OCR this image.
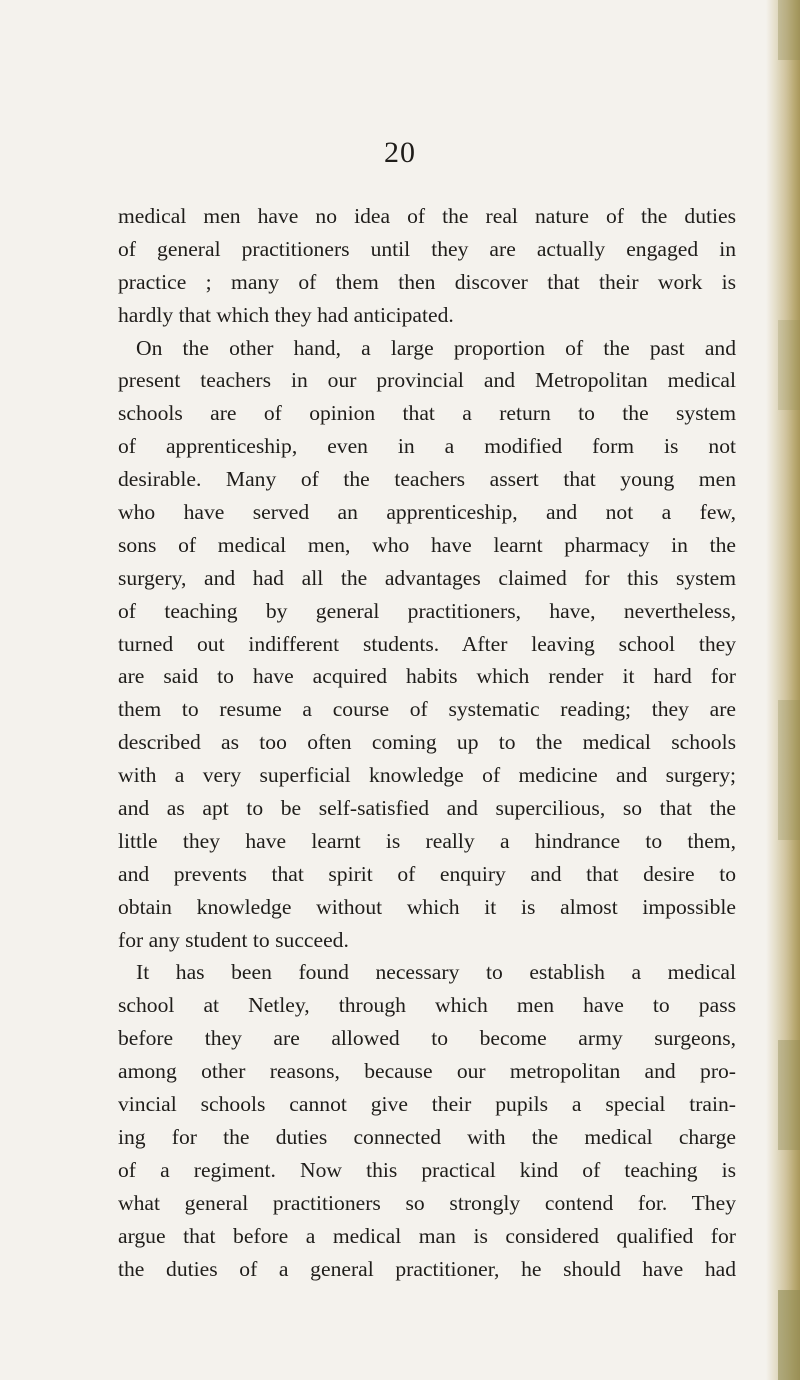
20
medical men have no idea of the real nature of the duties
of general practitioners until they are actually engaged in
practice ; many of them then discover that their work is
hardly that which they had anticipated.
On the other hand, a large proportion of the past and
present teachers in our provincial and Metropolitan medical
schools are of opinion that a return to the system
of apprenticeship, even in a modified form is not
desirable. Many of the teachers assert that young men
who have served an apprenticeship, and not a few,
sons of medical men, who have learnt pharmacy in the
surgery, and had all the advantages claimed for this system
of teaching by general practitioners, have, nevertheless,
turned out indifferent students. After leaving school they
are said to have acquired habits which render it hard for
them to resume a course of systematic reading; they are
described as too often coming up to the medical schools
with a very superficial knowledge of medicine and surgery;
and as apt to be self-satisfied and supercilious, so that the
little they have learnt is really a hindrance to them,
and prevents that spirit of enquiry and that desire to
obtain knowledge without which it is almost impossible
for any student to succeed.
It has been found necessary to establish a medical
school at Netley, through which men have to pass
before they are allowed to become army surgeons,
among other reasons, because our metropolitan and pro-
vincial schools cannot give their pupils a special train-
ing for the duties connected with the medical charge
of a regiment. Now this practical kind of teaching is
what general practitioners so strongly contend for. They
argue that before a medical man is considered qualified for
the duties of a general practitioner, he should have had
